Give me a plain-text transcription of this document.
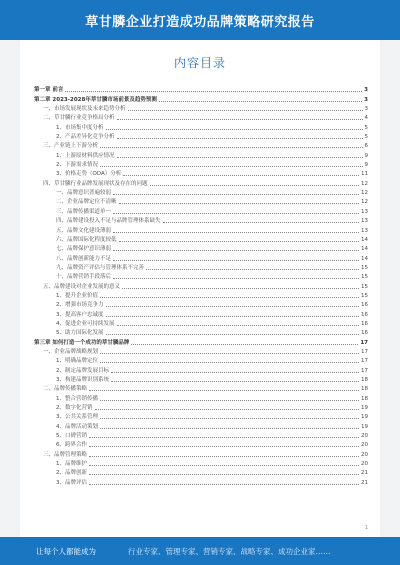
草甘膦企业打造成功品牌策略研究报告
内容目录
第一章 前言	3
第二章 2023-2028年草甘膦市场前景及趋势预测	3
一、市场发展现状及未来趋势分析	3
二、草甘膦行业竞争格局分析	4
1、市场集中度分析	5
2、产品差异化竞争分析	5
三、产业链上下游分析	6
1、上游原材料供应情况	9
2、下游需求情况	9
3、价格走势（ODA）分析	11
四、草甘膦行业品牌发展现状及存在的问题	12
一、品牌意识普遍较弱	12
二、企业品牌定位不清晰	12
三、品牌传播渠道单一	13
四、品牌建设投入不足与品牌管理体系缺失	13
五、品牌文化建设薄弱	13
六、品牌国际化程度较低	14
七、品牌保护意识薄弱	14
八、品牌创新能力不足	14
九、品牌资产评估与管理体系不完善	15
十、品牌营销手段落后	15
五、品牌建设对企业发展的意义	15
1、提升企业价值	15
2、增强市场竞争力	16
3、提高客户忠诚度	16
4、促进企业可持续发展	16
5、助力国际化发展	16
第三章 如何打造一个成功的草甘膦品牌	17
一、企业品牌战略规划	17
1、明确品牌定位	17
2、制定品牌发展目标	17
3、构建品牌识别系统	18
二、品牌传播策略	18
1、整合营销传播	18
2、数字化营销	19
3、公共关系管理	19
4、品牌活动策划	19
5、口碑营销	20
6、跨界合作	20
三、品牌管理策略	20
1、品牌维护	20
2、品牌创新	21
3、品牌评估	21
1
让每个人都能成为	行业专家、管理专家、营销专家、战略专家、成功企业家……
